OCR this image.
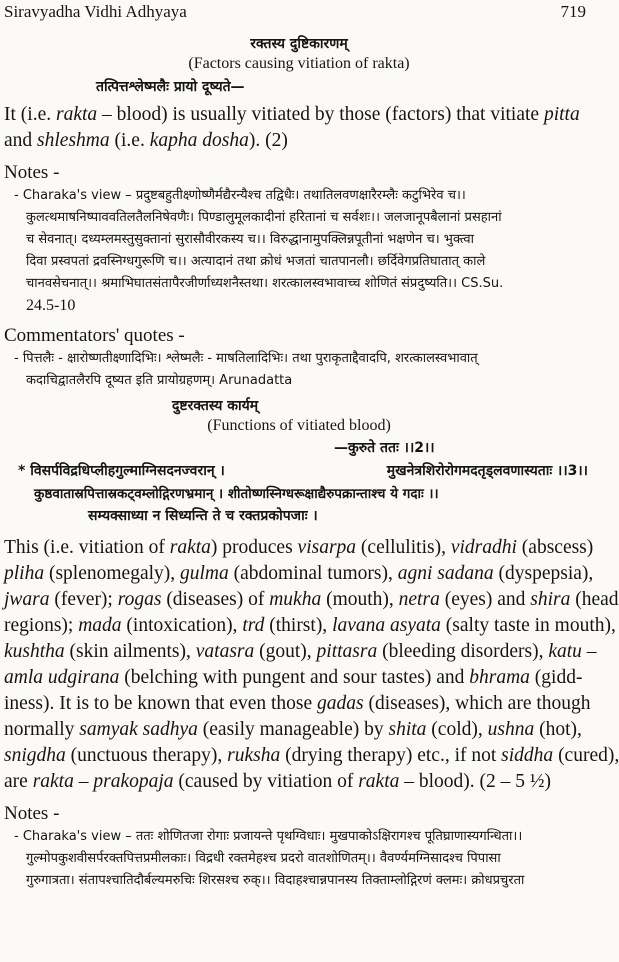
Siravyadha Vidhi Adhyaya	719
रक्तस्य दुष्टिकारणम्
(Factors causing vitiation of rakta)
तत्पित्तश्लेष्मलैः प्रायो दूष्यते—
It (i.e. rakta – blood) is usually vitiated by those (factors) that vitiate pitta
and shleshma (i.e. kapha dosha). (2)
Notes -
- Charaka's view – प्रदुष्टबहुतीक्ष्णोष्णैर्मद्यैरन्यैश्च तद्विधैः। तथातिलवणक्षारैरम्लैः कटुभिरेव च।।
कुलत्थमाषनिष्पाववतिलतैलनिषेवणैः। पिण्डालुमूलकादीनां हरितानां च सर्वशः।। जलजानूपबैलानां प्रसहानां
च सेवनात्। दध्यम्लमस्तुसुक्तानां सुरासौवीरकस्य च।। विरुद्धानामुपक्लिन्नपूतीनां भक्षणेन च। भुक्त्वा
दिवा प्रस्वपतां द्रवस्निग्धगुरूणि च।। अत्यादानं तथा क्रोधं भजतां चातपानलौ। छर्दिवेगप्रतिघातात् काले
चानवसेचनात्।। श्रमाभिघातसंतापैरजीर्णाध्यशनैस्तथा। शरत्कालस्वभावाच्च शोणितं संप्रदुष्यति।। CS.Su.
24.5-10
Commentators' quotes -
- पित्तलैः - क्षारोष्णतीक्ष्णादिभिः। श्लेष्मलैः - माषतिलादिभिः। तथा पुराकृताद्दैवादपि, शरत्कालस्वभावात्
कदाचिद्वातलैरपि दूष्यत इति प्रायोग्रहणम्। Arunadatta
दुष्टरक्तस्य कार्यम्
(Functions of vitiated blood)
—कुरुते ततः ।।2।।
* विसर्पविद्रधिप्लीहगुल्माग्निसदनज्वरान् ।	मुखनेत्रशिरोरोगमदतृड्लवणास्यताः ।।3।।
कुष्ठवातास्रपित्तास्रकट्वम्लोद्गिरणभ्रमान् । शीतोष्णस्निग्धरूक्षाद्यैरुपक्रान्ताश्च ये गदाः ।।
सम्यक्साध्या न सिध्यन्ति ते च रक्तप्रकोपजाः ।
This (i.e. vitiation of rakta) produces visarpa (cellulitis), vidradhi (abscess)
pliha (splenomegaly), gulma (abdominal tumors), agni sadana (dyspepsia),
jwara (fever); rogas (diseases) of mukha (mouth), netra (eyes) and shira (head
regions); mada (intoxication), trd (thirst), lavana asyata (salty taste in mouth),
kushtha (skin ailments), vatasra (gout), pittasra (bleeding disorders), katu –
amla udgirana (belching with pungent and sour tastes) and bhrama (gidd-
iness). It is to be known that even those gadas (diseases), which are though
normally samyak sadhya (easily manageable) by shita (cold), ushna (hot),
snigdha (unctuous therapy), ruksha (drying therapy) etc., if not siddha (cured),
are rakta – prakopaja (caused by vitiation of rakta – blood). (2 – 5 ½)
Notes -
- Charaka's view – ततः शोणितजा रोगाः प्रजायन्ते पृथग्विधाः। मुखपाकोऽक्षिरागश्च पूतिघ्राणास्यगन्धिता।।
गुल्मोपकुशवीसर्परक्तपित्तप्रमीलकाः। विद्रधी रक्तमेहश्च प्रदरो वातशोणितम्।। वैवर्ण्यमग्निसादश्च पिपासा
गुरुगात्रता। संतापश्चातिदौर्बल्यमरुचिः शिरसश्च रुक्।। विदाहश्चान्नपानस्य तिक्ताम्लोद्गिरणं क्लमः। क्रोधप्रचुरता
